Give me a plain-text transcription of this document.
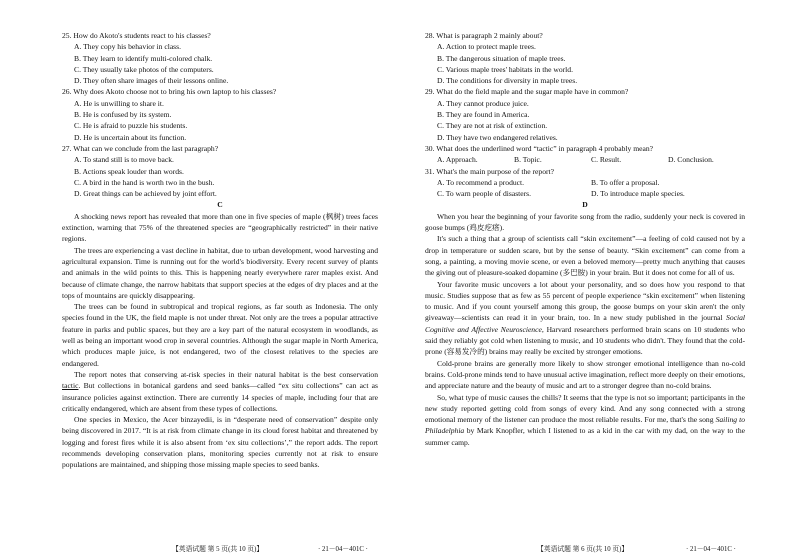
25. How do Akoto's students react to his classes?

A. They copy his behavior in class.

B. They learn to identify multi-colored chalk.

C. They usually take photos of the computers.

D. They often share images of their lessons online.

26. Why does Akoto choose not to bring his own laptop to his classes?

A. He is unwilling to share it.

B. He is confused by its system.

C. He is afraid to puzzle his students.

D. He is uncertain about its function.

27. What can we conclude from the last paragraph?

A. To stand still is to move back.

B. Actions speak louder than words.

C. A bird in the hand is worth two in the bush.

D. Great things can be achieved by joint effort.

C

A shocking news report has revealed that more than one in five species of maple (枫树) trees faces extinction, warning that 75% of the threatened species are “geographically restricted” in their native regions.

The trees are experiencing a vast decline in habitat, due to urban development, wood harvesting and agricultural expansion. Time is running out for the world's biodiversity. Every recent survey of plants and animals in the wild points to this. This is happening nearly everywhere rarer maples exist. And because of climate change, the narrow habitats that support species at the edges of dry places and at the tops of mountains are quickly disappearing.

The trees can be found in subtropical and tropical regions, as far south as Indonesia. The only species found in the UK, the field maple is not under threat. Not only are the trees a popular attractive feature in parks and public spaces, but they are a key part of the natural ecosystem in woodlands, as well as being an important wood crop in several countries. Although the sugar maple in North America, which produces maple juice, is not endangered, two of the closest relatives to the species are endangered.

The report notes that conserving at-risk species in their natural habitat is the best conservation tactic. But collections in botanical gardens and seed banks—called “ex situ collections” can act as insurance policies against extinction. There are currently 14 species of maple, including four that are critically endangered, which are absent from these types of collections.

One species in Mexico, the Acer binzayedii, is in “desperate need of conservation” despite only being discovered in 2017. “It is at risk from climate change in its cloud forest habitat and threatened by logging and forest fires while it is also absent from ‘ex situ collections’,” the report adds. The report recommends developing conservation plans, monitoring species currently not at risk to ensure populations are maintained, and shipping those missing maple species to seed banks.

28. What is paragraph 2 mainly about?

A. Action to protect maple trees.

B. The dangerous situation of maple trees.

C. Various maple trees' habitats in the world.

D. The conditions for diversity in maple trees.

29. What do the field maple and the sugar maple have in common?

A. They cannot produce juice.

B. They are found in America.

C. They are not at risk of extinction.

D. They have two endangered relatives.

30. What does the underlined word “tactic” in paragraph 4 probably mean?

A. Approach.	B. Topic.	C. Result.	D. Conclusion.

31. What's the main purpose of the report?

A. To recommend a product.	B. To offer a proposal.
C. To warn people of disasters.	D. To introduce maple species.

D

When you hear the beginning of your favorite song from the radio, suddenly your neck is covered in goose bumps (鸡皮疙瘩).

It's such a thing that a group of scientists call “skin excitement”—a feeling of cold caused not by a drop in temperature or sudden scare, but by the sense of beauty. “Skin excitement” can come from a song, a painting, a moving movie scene, or even a beloved memory—pretty much anything that causes the giving out of pleasure-soaked dopamine (多巴胺) in your brain. But it does not come for all of us.

Your favorite music uncovers a lot about your personality, and so does how you respond to that music. Studies suppose that as few as 55 percent of people experience “skin excitement” when listening to music. And if you count yourself among this group, the goose bumps on your skin aren't the only giveaway—scientists can read it in your brain, too. In a new study published in the journal Social Cognitive and Affective Neuroscience, Harvard researchers performed brain scans on 10 students who said they reliably got cold when listening to music, and 10 students who didn't. They found that the cold-prone (容易发冷的) brains may really be excited by stronger emotions.

Cold-prone brains are generally more likely to show stronger emotional intelligence than no-cold brains. Cold-prone minds tend to have unusual active imagination, reflect more deeply on their emotions, and appreciate nature and the beauty of music and art to a stronger degree than no-cold brains.

So, what type of music causes the chills? It seems that the type is not so important; participants in the new study reported getting cold from songs of every kind. And any song connected with a strong emotional memory of the listener can produce the most reliable results. For me, that's the song Sailing to Philadelphia by Mark Knopfler, which I listened to as a kid in the car with my dad, on the way to the summer camp.

【英语试题 第 5 页(共 10 页)】	· 21－04－401C ·	【英语试题 第 6 页(共 10 页)】	· 21－04－401C ·
